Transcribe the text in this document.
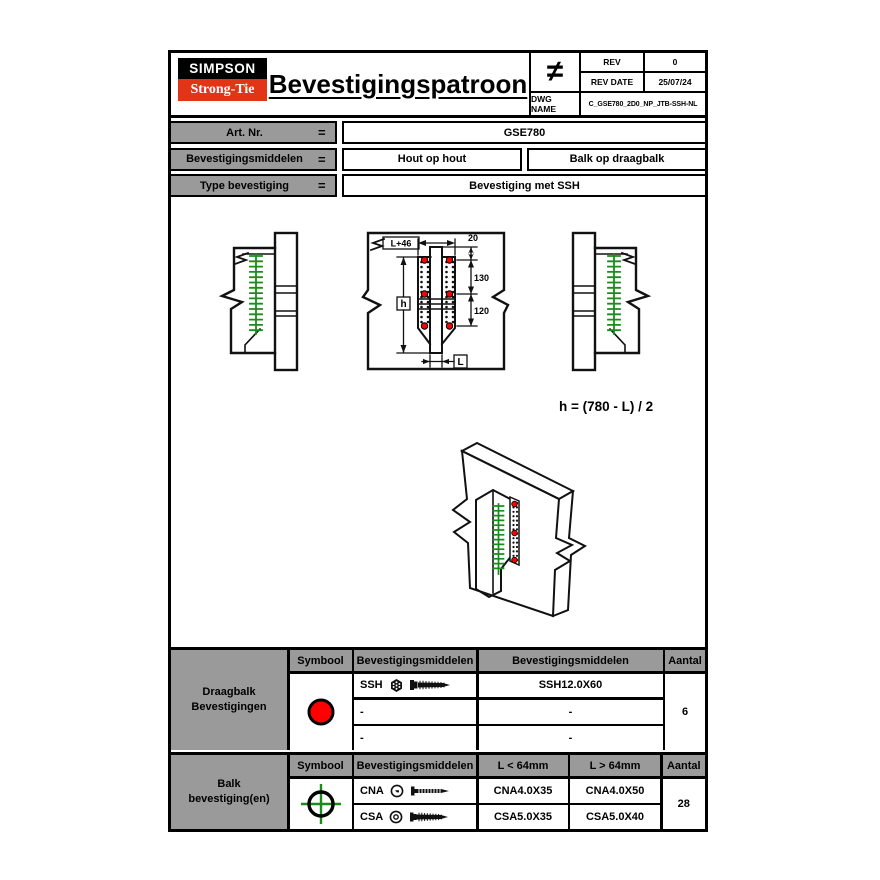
SIMPSON
Strong-Tie Bevestigingspatroon ≠	REV	0
REV DATE	25/07/24
DWG NAME	C_GSE780_2D0_NP_JTB-SSH-NL
Art. Nr.	=	GSE780
Bevestigingsmiddelen	=	Hout op hout	Balk op draagbalk
Type bevestiging	=	Bevestiging met SSH
L+46
20
130
120
h
L
h = (780 - L) / 2
Draagbalk Bevestigingen
Symbool	Bevestigingsmiddelen	Bevestigingsmiddelen	Aantal
SSH	SSH12.0X60
-	-
-	-
6
Balk bevestiging(en)
Symbool	Bevestigingsmiddelen	L < 64mm	L > 64mm	Aantal
CNA	CNA4.0X35	CNA4.0X50
CSA	CSA5.0X35	CSA5.0X40
28
